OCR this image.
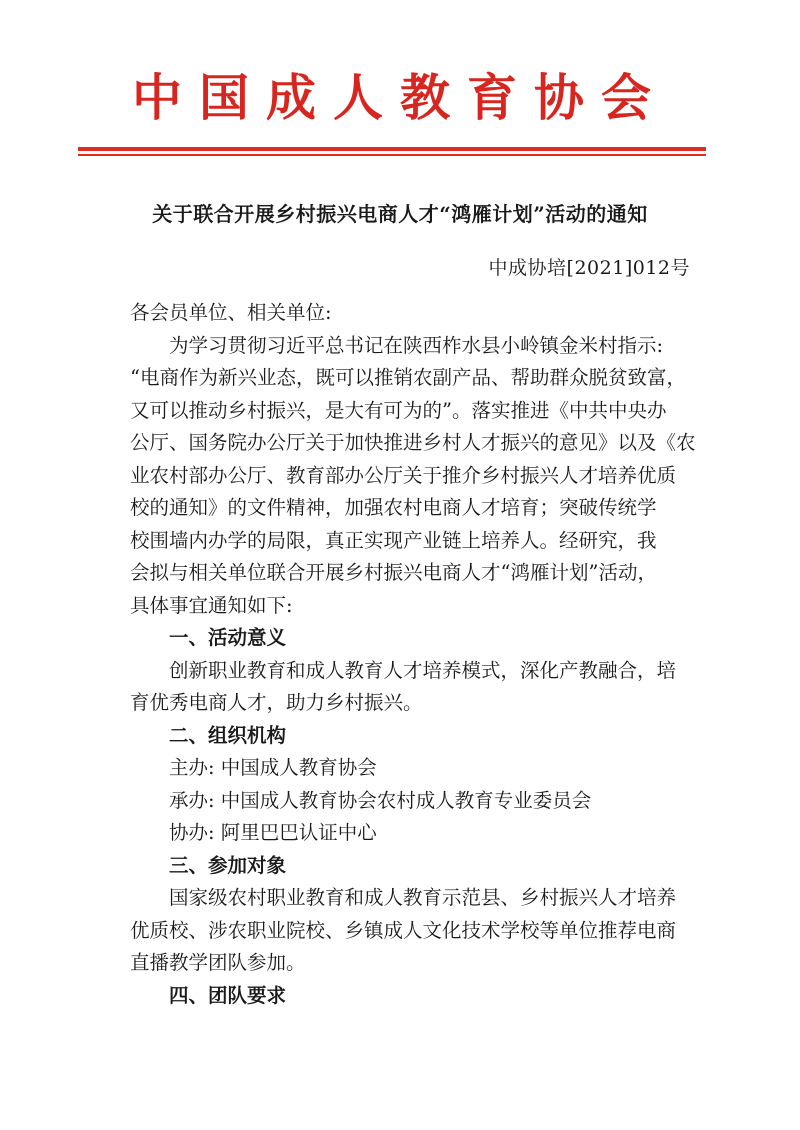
中国成人教育协会
关于联合开展乡村振兴电商人才“鸿雁计划”活动的通知
中成协培[2021]012号
各会员单位、相关单位:
为学习贯彻习近平总书记在陕西柞水县小岭镇金米村指示:
“电商作为新兴业态，既可以推销农副产品、帮助群众脱贫致富，
又可以推动乡村振兴，是大有可为的”。落实推进《中共中央办
公厅、国务院办公厅关于加快推进乡村人才振兴的意见》以及《农
业农村部办公厅、教育部办公厅关于推介乡村振兴人才培养优质
校的通知》的文件精神，加强农村电商人才培育；突破传统学
校围墙内办学的局限，真正实现产业链上培养人。经研究，我
会拟与相关单位联合开展乡村振兴电商人才“鸿雁计划”活动，
具体事宜通知如下:
一、活动意义
创新职业教育和成人教育人才培养模式，深化产教融合，培
育优秀电商人才，助力乡村振兴。
二、组织机构
主办: 中国成人教育协会
承办: 中国成人教育协会农村成人教育专业委员会
协办: 阿里巴巴认证中心
三、参加对象
国家级农村职业教育和成人教育示范县、乡村振兴人才培养
优质校、涉农职业院校、乡镇成人文化技术学校等单位推荐电商
直播教学团队参加。
四、团队要求
